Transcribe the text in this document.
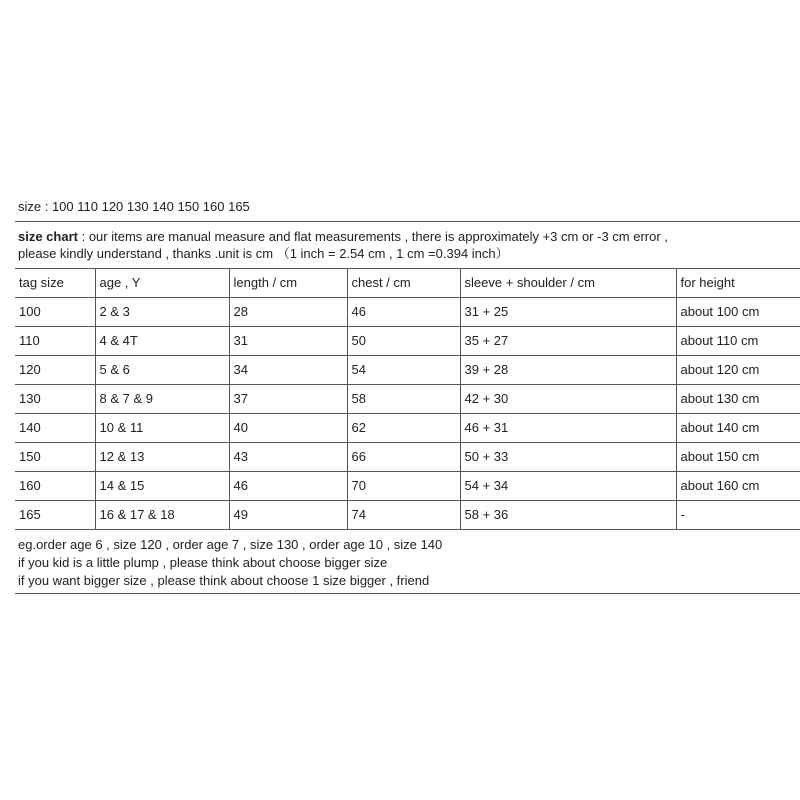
size : 100 110 120 130 140 150 160 165
size chart : our items are manual measure and flat measurements , there is approximately +3 cm or -3 cm error ,
please kindly understand , thanks .unit is cm （1 inch = 2.54 cm , 1 cm =0.394 inch）
tag size	age , Y	length / cm	chest / cm	sleeve + shoulder / cm	for height
100	2 & 3	28	46	31 + 25	about 100 cm
110	4 & 4T	31	50	35 + 27	about 110 cm
120	5 & 6	34	54	39 + 28	about 120 cm
130	8 & 7 & 9	37	58	42 + 30	about 130 cm
140	10 & 11	40	62	46 + 31	about 140 cm
150	12 & 13	43	66	50 + 33	about 150 cm
160	14 & 15	46	70	54 + 34	about 160 cm
165	16 & 17 & 18	49	74	58 + 36	-
eg.order age 6 , size 120 , order age 7 , size 130 , order age 10 , size 140
if you kid is a little plump , please think about choose bigger size
if you want bigger size , please think about choose 1 size bigger , friend
